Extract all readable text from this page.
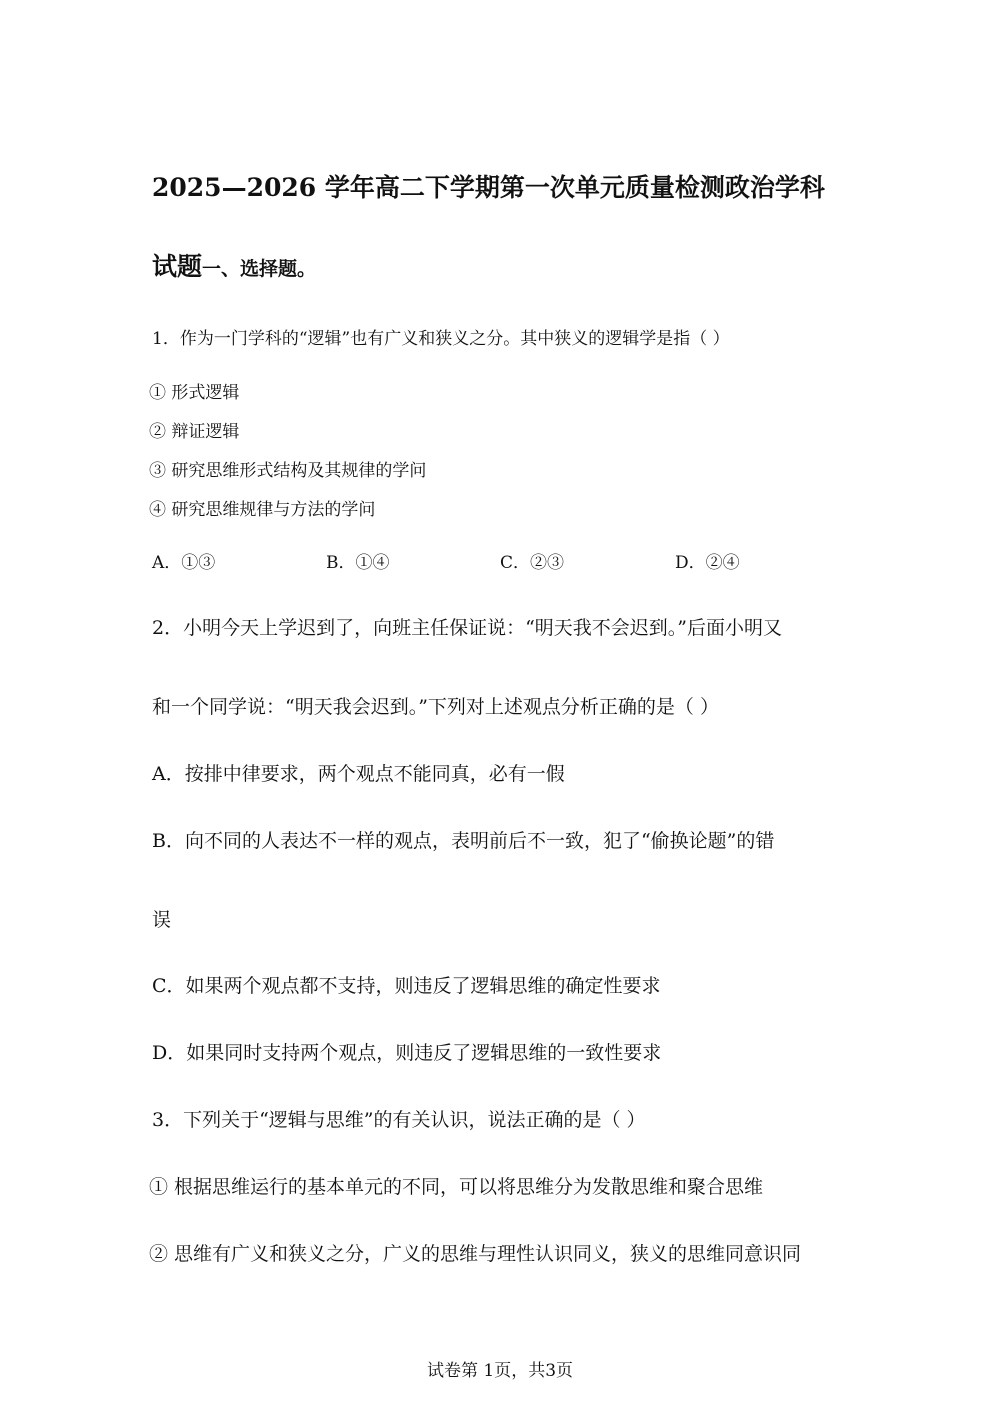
2025—2026 学年高二下学期第一次单元质量检测政治学科
试题一、选择题。
1．作为一门学科的“逻辑”也有广义和狭义之分。其中狭义的逻辑学是指（ ）
① 形式逻辑
② 辩证逻辑
③ 研究思维形式结构及其规律的学问
④ 研究思维规律与方法的学问
A．①③	B．①④	C．②③	D．②④
2．小明今天上学迟到了，向班主任保证说：“明天我不会迟到。”后面小明又
和一个同学说：“明天我会迟到。”下列对上述观点分析正确的是（ ）
A．按排中律要求，两个观点不能同真，必有一假
B．向不同的人表达不一样的观点，表明前后不一致，犯了“偷换论题”的错
误
C．如果两个观点都不支持，则违反了逻辑思维的确定性要求
D．如果同时支持两个观点，则违反了逻辑思维的一致性要求
3．下列关于“逻辑与思维”的有关认识，说法正确的是（ ）
① 根据思维运行的基本单元的不同，可以将思维分为发散思维和聚合思维
② 思维有广义和狭义之分，广义的思维与理性认识同义，狭义的思维同意识同
试卷第 1页，共3页
